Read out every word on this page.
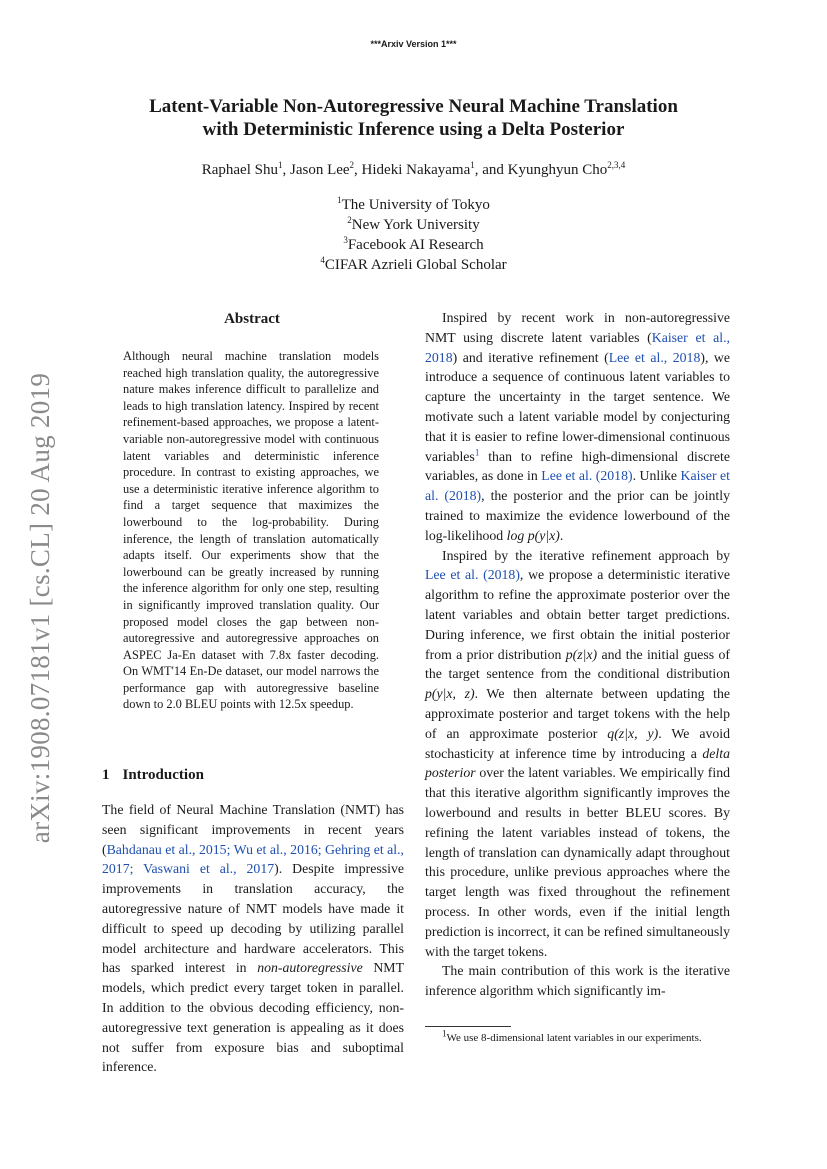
***Arxiv Version 1***
arXiv:1908.07181v1 [cs.CL] 20 Aug 2019
Latent-Variable Non-Autoregressive Neural Machine Translation
with Deterministic Inference using a Delta Posterior
Raphael Shu$^1$, Jason Lee$^2$, Hideki Nakayama$^1$, and Kyunghyun Cho$^{2,3,4}$
$^1$The University of Tokyo
$^2$New York University
$^3$Facebook AI Research
$^4$CIFAR Azrieli Global Scholar
Abstract
Although neural machine translation models reached high translation quality, the autoregressive nature makes inference difficult to parallelize and leads to high translation latency. Inspired by recent refinement-based approaches, we propose a latent-variable non-autoregressive model with continuous latent variables and deterministic inference procedure. In contrast to existing approaches, we use a deterministic iterative inference algorithm to find a target sequence that maximizes the lowerbound to the log-probability. During inference, the length of translation automatically adapts itself. Our experiments show that the lowerbound can be greatly increased by running the inference algorithm for only one step, resulting in significantly improved translation quality. Our proposed model closes the gap between non-autoregressive and autoregressive approaches on ASPEC Ja-En dataset with 7.8x faster decoding. On WMT'14 En-De dataset, our model narrows the performance gap with autoregressive baseline down to 2.0 BLEU points with 12.5x speedup.
1 Introduction

The field of Neural Machine Translation (NMT) has seen significant improvements in recent years (Bahdanau et al., 2015; Wu et al., 2016; Gehring et al., 2017; Vaswani et al., 2017). Despite impressive improvements in translation accuracy, the autoregressive nature of NMT models have made it difficult to speed up decoding by utilizing parallel model architecture and hardware accelerators. This has sparked interest in non-autoregressive NMT models, which predict every target token in parallel. In addition to the obvious decoding efficiency, non-autoregressive text generation is appealing as it does not suffer from exposure bias and suboptimal inference.

Inspired by recent work in non-autoregressive NMT using discrete latent variables (Kaiser et al., 2018) and iterative refinement (Lee et al., 2018), we introduce a sequence of continuous latent variables to capture the uncertainty in the target sentence. We motivate such a latent variable model by conjecturing that it is easier to refine lower-dimensional continuous variables$^1$ than to refine high-dimensional discrete variables, as done in Lee et al. (2018). Unlike Kaiser et al. (2018), the posterior and the prior can be jointly trained to maximize the evidence lowerbound of the log-likelihood log p(y|x).

Inspired by the iterative refinement approach by Lee et al. (2018), we propose a deterministic iterative algorithm to refine the approximate posterior over the latent variables and obtain better target predictions. During inference, we first obtain the initial posterior from a prior distribution p(z|x) and the initial guess of the target sentence from the conditional distribution p(y|x, z). We then alternate between updating the approximate posterior and target tokens with the help of an approximate posterior q(z|x, y). We avoid stochasticity at inference time by introducing a delta posterior over the latent variables. We empirically find that this iterative algorithm significantly improves the lowerbound and results in better BLEU scores. By refining the latent variables instead of tokens, the length of translation can dynamically adapt throughout this procedure, unlike previous approaches where the target length was fixed throughout the refinement process. In other words, even if the initial length prediction is incorrect, it can be refined simultaneously with the target tokens.

The main contribution of this work is the iterative inference algorithm which significantly im-

$^1$We use 8-dimensional latent variables in our experiments.
